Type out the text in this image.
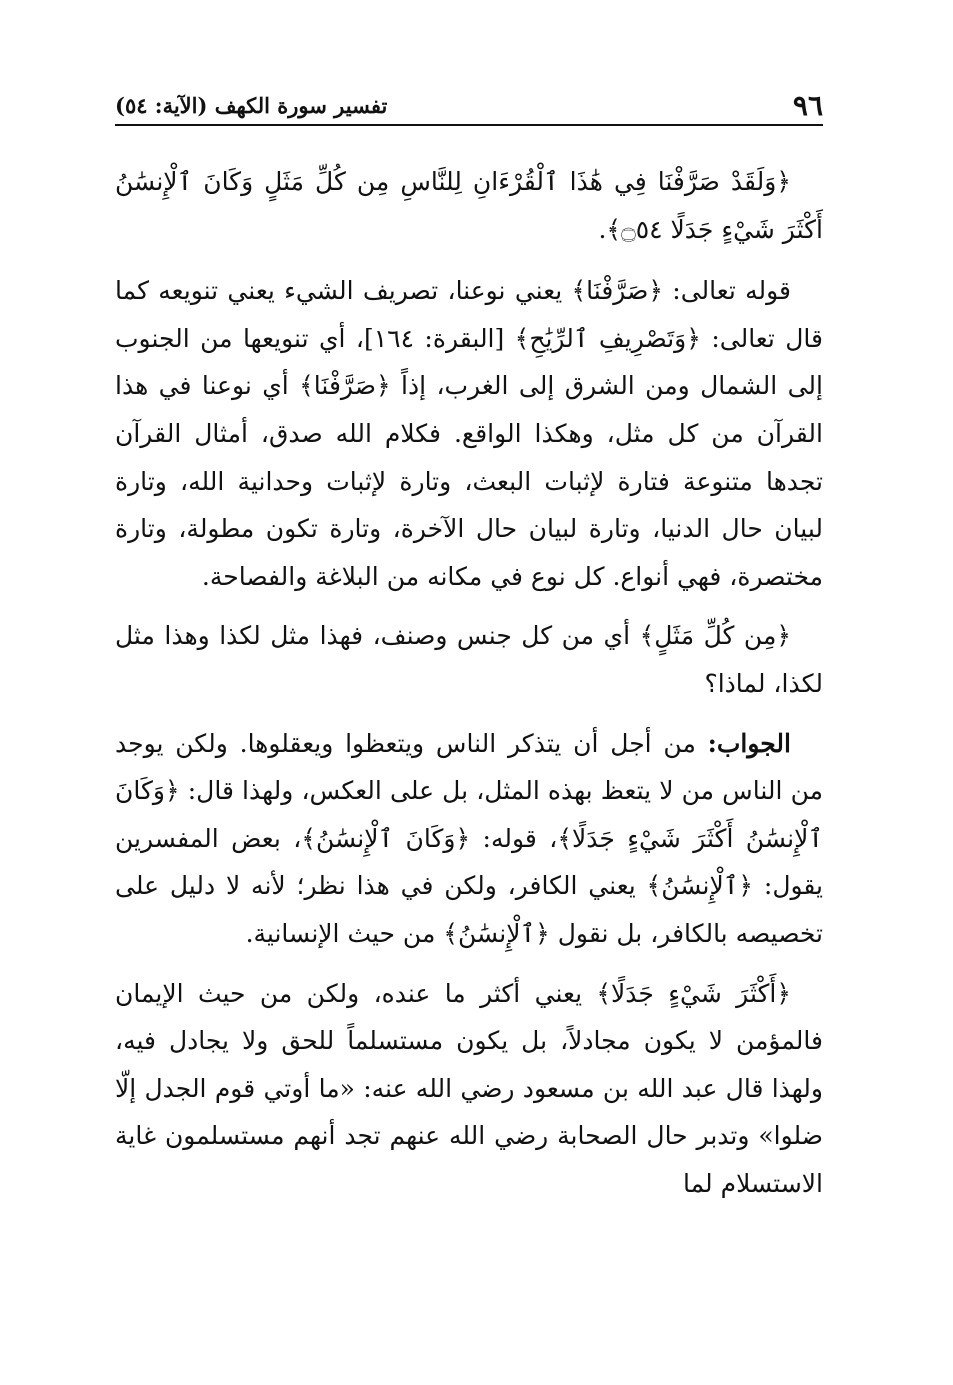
٩٦
تفسير سورة الكهف (الآية: ٥٤)

﴿وَلَقَدْ صَرَّفْنَا فِي هَٰذَا ٱلْقُرْءَانِ لِلنَّاسِ مِن كُلِّ مَثَلٍ وَكَانَ ٱلْإِنسَٰنُ أَكْثَرَ شَيْءٍ جَدَلًا ۝٥٤﴾.

قوله تعالى: ﴿صَرَّفْنَا﴾ يعني نوعنا، تصريف الشيء يعني تنويعه كما قال تعالى: ﴿وَتَصْرِيفِ ٱلرِّيَٰحِ﴾ [البقرة: ١٦٤]، أي تنويعها من الجنوب إلى الشمال ومن الشرق إلى الغرب، إذاً ﴿صَرَّفْنَا﴾ أي نوعنا في هذا القرآن من كل مثل، وهكذا الواقع. فكلام الله صدق، أمثال القرآن تجدها متنوعة فتارة لإثبات البعث، وتارة لإثبات وحدانية الله، وتارة لبيان حال الدنيا، وتارة لبيان حال الآخرة، وتارة تكون مطولة، وتارة مختصرة، فهي أنواع. كل نوع في مكانه من البلاغة والفصاحة.

﴿مِن كُلِّ مَثَلٍ﴾ أي من كل جنس وصنف، فهذا مثل لكذا وهذا مثل لكذا، لماذا؟

الجواب: من أجل أن يتذكر الناس ويتعظوا ويعقلوها. ولكن يوجد من الناس من لا يتعظ بهذه المثل، بل على العكس، ولهذا قال: ﴿وَكَانَ ٱلْإِنسَٰنُ أَكْثَرَ شَيْءٍ جَدَلًا﴾، قوله: ﴿وَكَانَ ٱلْإِنسَٰنُ﴾، بعض المفسرين يقول: ﴿ٱلْإِنسَٰنُ﴾ يعني الكافر، ولكن في هذا نظر؛ لأنه لا دليل على تخصيصه بالكافر، بل نقول ﴿ٱلْإِنسَٰنُ﴾ من حيث الإنسانية.

﴿أَكْثَرَ شَيْءٍ جَدَلًا﴾ يعني أكثر ما عنده، ولكن من حيث الإيمان فالمؤمن لا يكون مجادلاً، بل يكون مستسلماً للحق ولا يجادل فيه، ولهذا قال عبد الله بن مسعود رضي الله عنه: «ما أوتي قوم الجدل إلّا ضلوا» وتدبر حال الصحابة رضي الله عنهم تجد أنهم مستسلمون غاية الاستسلام لما
